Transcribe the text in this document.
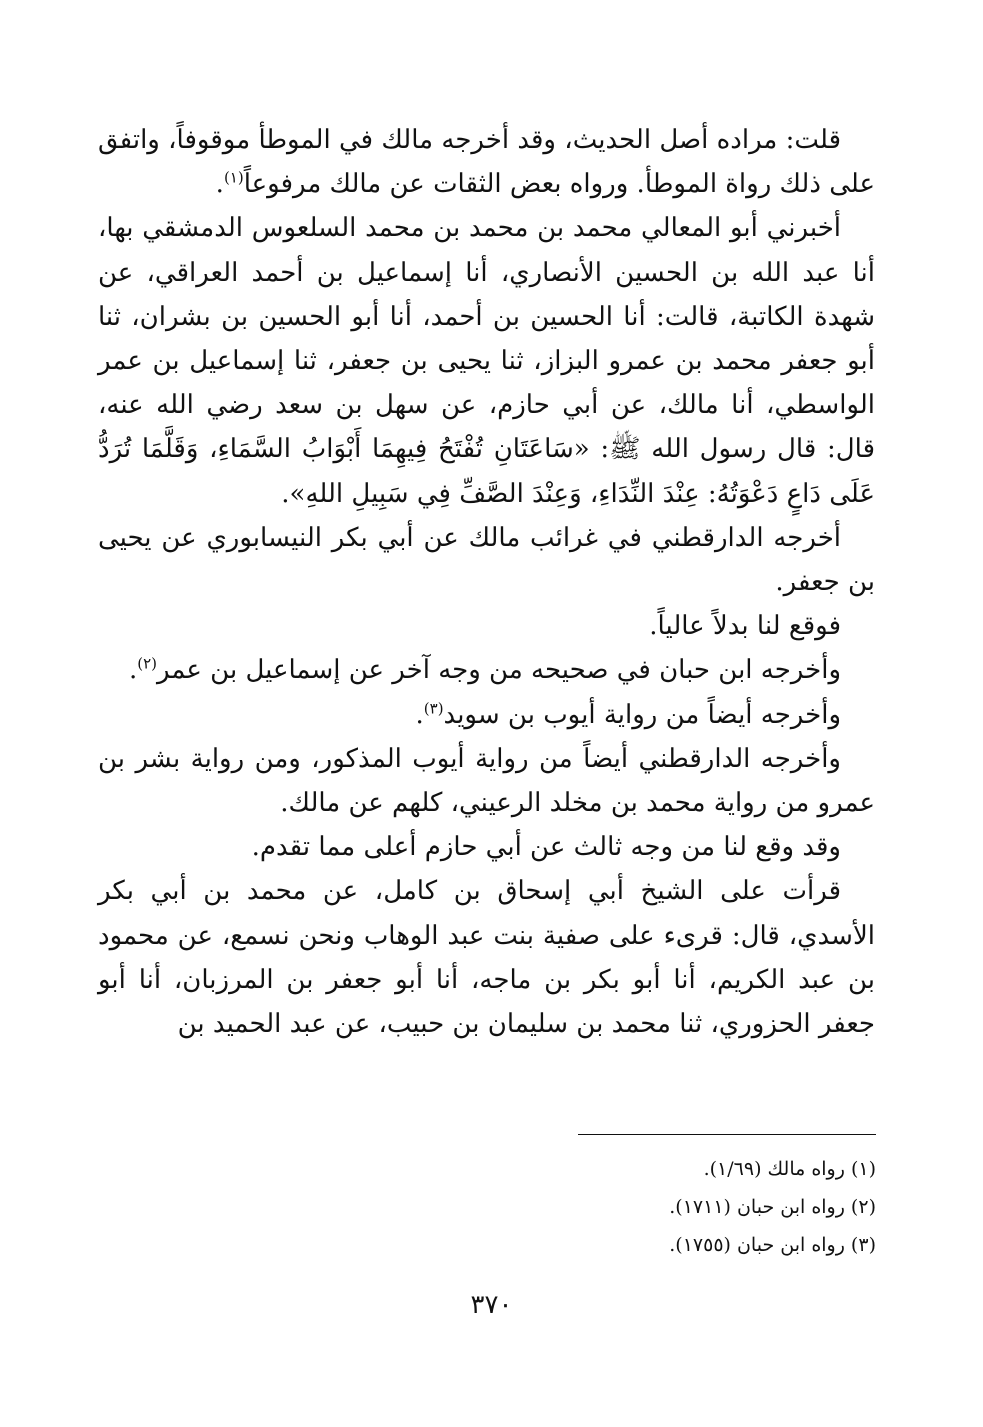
قلت: مراده أصل الحديث، وقد أخرجه مالك في الموطأ موقوفاً، واتفق على ذلك رواة الموطأ. ورواه بعض الثقات عن مالك مرفوعاً$^{(١)}$.

أخبرني أبو المعالي محمد بن محمد بن محمد السلعوس الدمشقي بها، أنا عبد الله بن الحسين الأنصاري، أنا إسماعيل بن أحمد العراقي، عن شهدة الكاتبة، قالت: أنا الحسين بن أحمد، أنا أبو الحسين بن بشران، ثنا أبو جعفر محمد بن عمرو البزاز، ثنا يحيى بن جعفر، ثنا إسماعيل بن عمر الواسطي، أنا مالك، عن أبي حازم، عن سهل بن سعد رضي الله عنه، قال: قال رسول الله ﷺ: «سَاعَتَانِ تُفْتَحُ فِيهِمَا أَبْوَابُ السَّمَاءِ، وَقَلَّمَا تُرَدُّ عَلَى دَاعٍ دَعْوَتُهُ: عِنْدَ النِّدَاءِ، وَعِنْدَ الصَّفِّ فِي سَبِيلِ اللهِ».

أخرجه الدارقطني في غرائب مالك عن أبي بكر النيسابوري عن يحيى بن جعفر.

فوقع لنا بدلاً عالياً.

وأخرجه ابن حبان في صحيحه من وجه آخر عن إسماعيل بن عمر$^{(٢)}$.

وأخرجه أيضاً من رواية أيوب بن سويد$^{(٣)}$.

وأخرجه الدارقطني أيضاً من رواية أيوب المذكور، ومن رواية بشر بن عمرو من رواية محمد بن مخلد الرعيني، كلهم عن مالك.

وقد وقع لنا من وجه ثالث عن أبي حازم أعلى مما تقدم.

قرأت على الشيخ أبي إسحاق بن كامل، عن محمد بن أبي بكر الأسدي، قال: قرىء على صفية بنت عبد الوهاب ونحن نسمع، عن محمود بن عبد الكريم، أنا أبو بكر بن ماجه، أنا أبو جعفر بن المرزبان، أنا أبو جعفر الحزوري، ثنا محمد بن سليمان بن حبيب، عن عبد الحميد بن

(١) رواه مالك (١/٦٩).
(٢) رواه ابن حبان (١٧١١).
(٣) رواه ابن حبان (١٧٥٥).
٣٧٠
